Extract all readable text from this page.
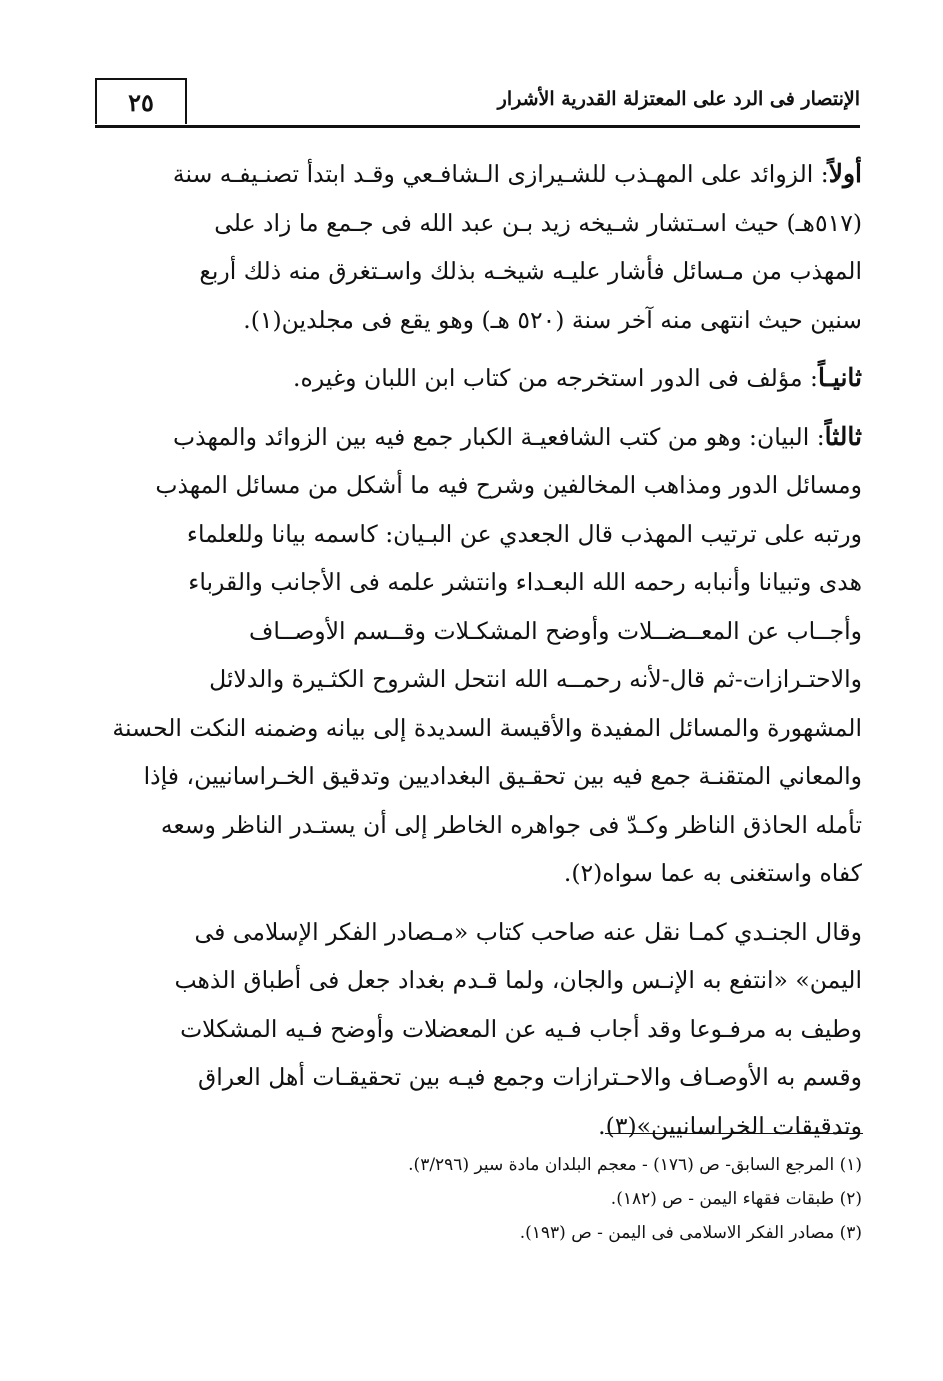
٢٥	الإنتصار فى الرد على المعتزلة القدرية الأشرار

أولاً: الزوائد على المهـذب للشـيرازى الـشافـعي وقـد ابتدأ تصنـيفـه سنة
(٥١٧هـ) حيث اسـتشار شـيخه زيد بـن عبد الله فى جـمع ما زاد على
المهذب من مـسائل فأشار عليـه شيخـه بذلك واسـتغرق منه ذلك أربع
سنين حيث انتهى منه آخر سنة (٥٢٠ هـ) وهو يقع فى مجلدين(١).

ثانيـاً: مؤلف فى الدور استخرجه من كتاب ابن اللبان وغيره.

ثالثاً: البيان: وهو من كتب الشافعيـة الكبار جمع فيه بين الزوائد والمهذب
ومسائل الدور ومذاهب المخالفين وشرح فيه ما أشكل من مسائل المهذب
ورتبه على ترتيب المهذب قال الجعدي عن البـيان: كاسمه بيانا وللعلماء
هدى وتبيانا وأنبابه رحمه الله البعـداء وانتشر علمه فى الأجانب والقرباء
وأجــاب عن المعــضــلات وأوضح المشكـلات وقــسم الأوصــاف
والاحتـرازات-ثم قال-لأنه رحمــه الله انتحل الشروح الكثـيرة والدلائل
المشهورة والمسائل المفيدة والأقيسة السديدة إلى بيانه وضمنه النكت الحسنة
والمعاني المتقنـة جمع فيه بين تحقـيق البغداديين وتدقيق الخـراسانيين، فإذا
تأمله الحاذق الناظر وكـدّ فى جواهره الخاطر إلى أن يستـدر الناظر وسعه
كفاه واستغنى به عما سواه(٢).

وقال الجنـدي كمـا نقل عنه صاحب كتاب «مـصادر الفكر الإسلامى فى
اليمن» «انتفع به الإنـس والجان، ولما قـدم بغداد جعل فى أطباق الذهب
وطيف به مرفـوعا وقد أجاب فـيه عن المعضلات وأوضح فـيه المشكلات
وقسم به الأوصـاف والاحـترازات وجمع فيـه بين تحقيقـات أهل العراق
وتدقيقات الخراسانيين»(٣).

(١) المرجع السابق- ص (١٧٦) - معجم البلدان مادة سير (٣/٢٩٦).

(٢) طبقات فقهاء اليمن - ص (١٨٢).

(٣) مصادر الفكر الاسلامى فى اليمن - ص (١٩٣).
